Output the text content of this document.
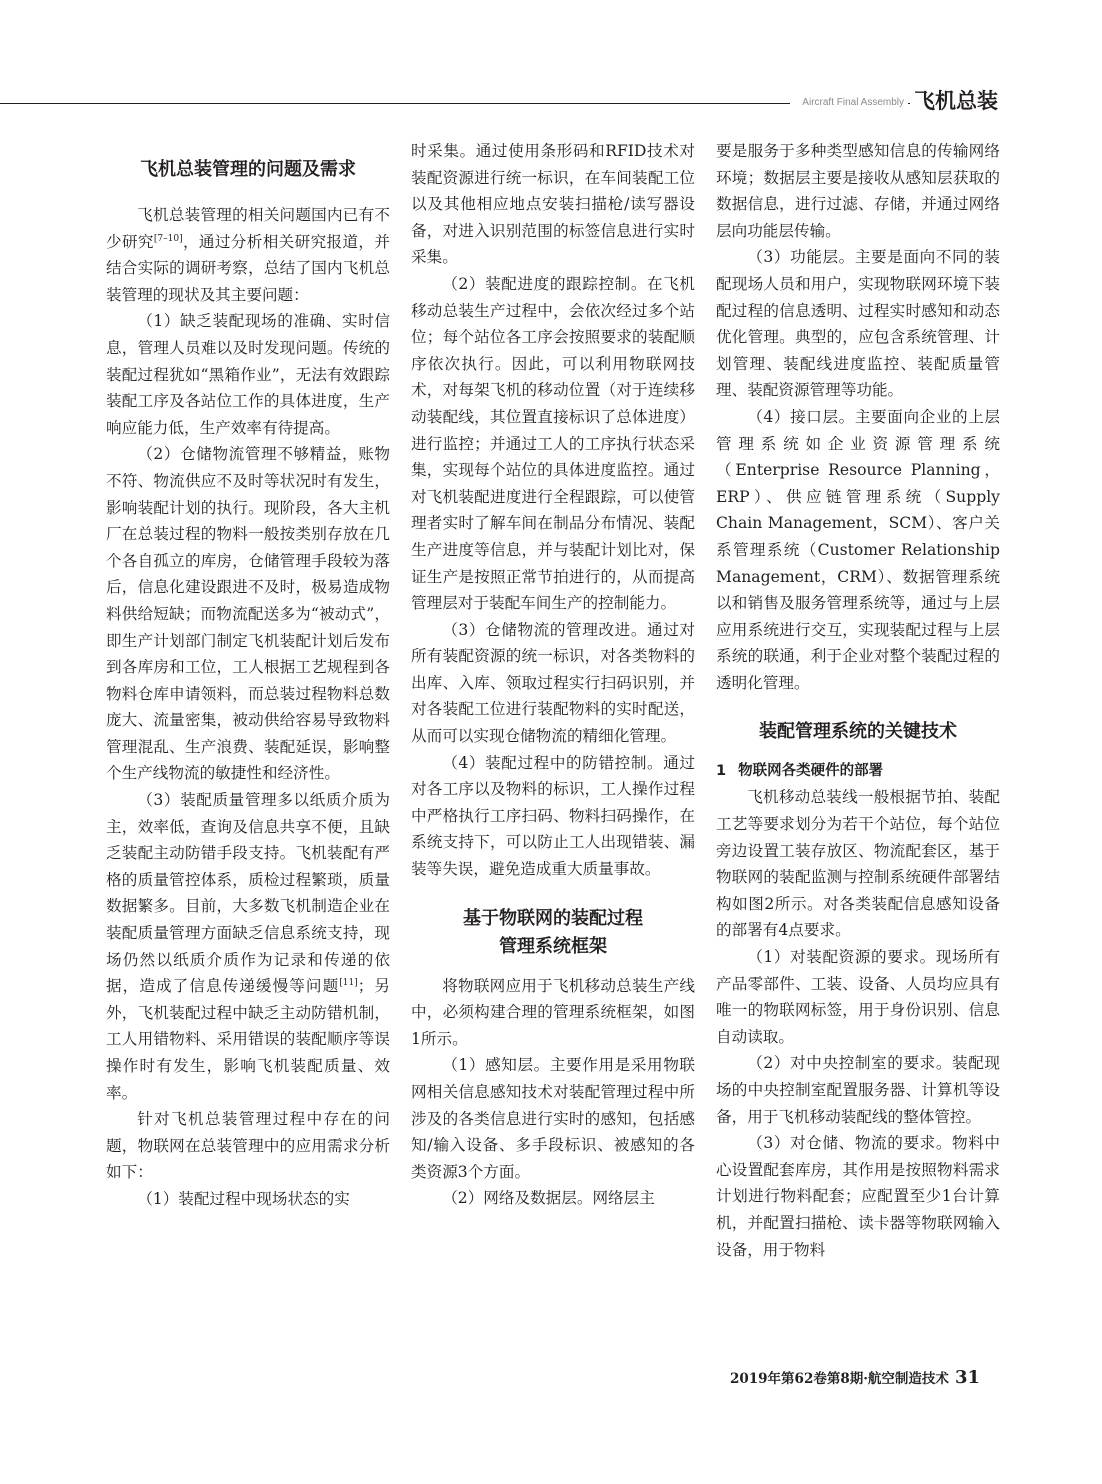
Aircraft Final Assembly 飞机总装
飞机总装管理的问题及需求

飞机总装管理的相关问题国内已有不少研究[7–10]，通过分析相关研究报道，并结合实际的调研考察，总结了国内飞机总装管理的现状及其主要问题：

（1）缺乏装配现场的准确、实时信息，管理人员难以及时发现问题。传统的装配过程犹如“黑箱作业”，无法有效跟踪装配工序及各站位工作的具体进度，生产响应能力低，生产效率有待提高。

（2）仓储物流管理不够精益，账物不符、物流供应不及时等状况时有发生，影响装配计划的执行。现阶段，各大主机厂在总装过程的物料一般按类别存放在几个各自孤立的库房，仓储管理手段较为落后，信息化建设跟进不及时，极易造成物料供给短缺；而物流配送多为“被动式”，即生产计划部门制定飞机装配计划后发布到各库房和工位，工人根据工艺规程到各物料仓库申请领料，而总装过程物料总数庞大、流量密集，被动供给容易导致物料管理混乱、生产浪费、装配延误，影响整个生产线物流的敏捷性和经济性。

（3）装配质量管理多以纸质介质为主，效率低，查询及信息共享不便，且缺乏装配主动防错手段支持。飞机装配有严格的质量管控体系，质检过程繁琐，质量数据繁多。目前，大多数飞机制造企业在装配质量管理方面缺乏信息系统支持，现场仍然以纸质介质作为记录和传递的依据，造成了信息传递缓慢等问题[11]；另外，飞机装配过程中缺乏主动防错机制，工人用错物料、采用错误的装配顺序等误操作时有发生，影响飞机装配质量、效率。

针对飞机总装管理过程中存在的问题，物联网在总装管理中的应用需求分析如下：

（1）装配过程中现场状态的实

时采集。通过使用条形码和RFID技术对装配资源进行统一标识，在车间装配工位以及其他相应地点安装扫描枪/读写器设备，对进入识别范围的标签信息进行实时采集。

（2）装配进度的跟踪控制。在飞机移动总装生产过程中，会依次经过多个站位；每个站位各工序会按照要求的装配顺序依次执行。因此，可以利用物联网技术，对每架飞机的移动位置（对于连续移动装配线，其位置直接标识了总体进度）进行监控；并通过工人的工序执行状态采集，实现每个站位的具体进度监控。通过对飞机装配进度进行全程跟踪，可以使管理者实时了解车间在制品分布情况、装配生产进度等信息，并与装配计划比对，保证生产是按照正常节拍进行的，从而提高管理层对于装配车间生产的控制能力。

（3）仓储物流的管理改进。通过对所有装配资源的统一标识，对各类物料的出库、入库、领取过程实行扫码识别，并对各装配工位进行装配物料的实时配送，从而可以实现仓储物流的精细化管理。

（4）装配过程中的防错控制。通过对各工序以及物料的标识，工人操作过程中严格执行工序扫码、物料扫码操作，在系统支持下，可以防止工人出现错装、漏装等失误，避免造成重大质量事故。

基于物联网的装配过程
管理系统框架

将物联网应用于飞机移动总装生产线中，必须构建合理的管理系统框架，如图1所示。

（1）感知层。主要作用是采用物联网相关信息感知技术对装配管理过程中所涉及的各类信息进行实时的感知，包括感知/输入设备、多手段标识、被感知的各类资源3个方面。

（2）网络及数据层。网络层主

要是服务于多种类型感知信息的传输网络环境；数据层主要是接收从感知层获取的数据信息，进行过滤、存储，并通过网络层向功能层传输。

（3）功能层。主要是面向不同的装配现场人员和用户，实现物联网环境下装配过程的信息透明、过程实时感知和动态优化管理。典型的，应包含系统管理、计划管理、装配线进度监控、装配质量管理、装配资源管理等功能。

（4）接口层。主要面向企业的上层管理系统如企业资源管理系统（Enterprise Resource Planning，ERP）、供应链管理系统（Supply Chain Management，SCM）、客户关系管理系统（Customer Relationship Management，CRM）、数据管理系统以和销售及服务管理系统等，通过与上层应用系统进行交互，实现装配过程与上层系统的联通，利于企业对整个装配过程的透明化管理。

装配管理系统的关键技术
1 物联网各类硬件的部署

飞机移动总装线一般根据节拍、装配工艺等要求划分为若干个站位，每个站位旁边设置工装存放区、物流配套区，基于物联网的装配监测与控制系统硬件部署结构如图2所示。对各类装配信息感知设备的部署有4点要求。

（1）对装配资源的要求。现场所有产品零部件、工装、设备、人员均应具有唯一的物联网标签，用于身份识别、信息自动读取。

（2）对中央控制室的要求。装配现场的中央控制室配置服务器、计算机等设备，用于飞机移动装配线的整体管控。

（3）对仓储、物流的要求。物料中心设置配套库房，其作用是按照物料需求计划进行物料配套；应配置至少1台计算机，并配置扫描枪、读卡器等物联网输入设备，用于物料

2019年第62卷第8期·航空制造技术 31
